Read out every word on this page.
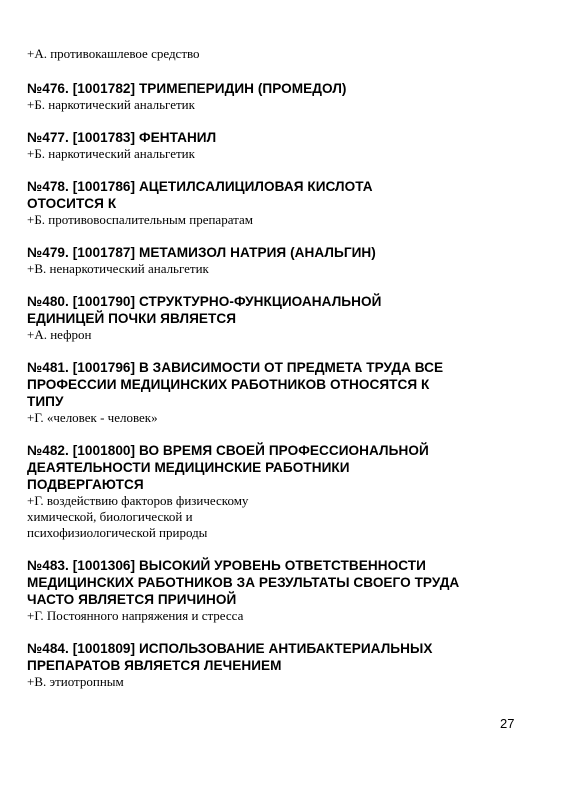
+А. противокашлевое средство

№476. [1001782] ТРИМЕПЕРИДИН (ПРОМЕДОЛ)

+Б. наркотический анальгетик

№477. [1001783] ФЕНТАНИЛ

+Б. наркотический анальгетик

№478. [1001786] АЦЕТИЛСАЛИЦИЛОВАЯ КИСЛОТА
ОТОСИТСЯ К

+Б. противовоспалительным препаратам

№479. [1001787] МЕТАМИЗОЛ НАТРИЯ (АНАЛЬГИН)

+В. ненаркотический анальгетик

№480. [1001790] СТРУКТУРНО-ФУНКЦИОАНАЛЬНОЙ
ЕДИНИЦЕЙ ПОЧКИ ЯВЛЯЕТСЯ

+А. нефрон

№481. [1001796] В ЗАВИСИМОСТИ ОТ ПРЕДМЕТА ТРУДА ВСЕ
ПРОФЕССИИ МЕДИЦИНСКИХ РАБОТНИКОВ ОТНОСЯТСЯ К
ТИПУ

+Г. «человек - человек»

№482. [1001800] ВО ВРЕМЯ СВОЕЙ ПРОФЕССИОНАЛЬНОЙ
ДЕАЯТЕЛЬНОСТИ МЕДИЦИНСКИЕ РАБОТНИКИ
ПОДВЕРГАЮТСЯ

+Г. воздействию факторов физическому
химической, биологической и
психофизиологической природы

№483. [1001306] ВЫСОКИЙ УРОВЕНЬ ОТВЕТСТВЕННОСТИ
МЕДИЦИНСКИХ РАБОТНИКОВ ЗА РЕЗУЛЬТАТЫ СВОЕГО ТРУДА
ЧАСТО ЯВЛЯЕТСЯ ПРИЧИНОЙ

+Г. Постоянного напряжения и стресса

№484. [1001809] ИСПОЛЬЗОВАНИЕ АНТИБАКТЕРИАЛЬНЫХ
ПРЕПАРАТОВ ЯВЛЯЕТСЯ ЛЕЧЕНИЕМ

+В. этиотропным

27
